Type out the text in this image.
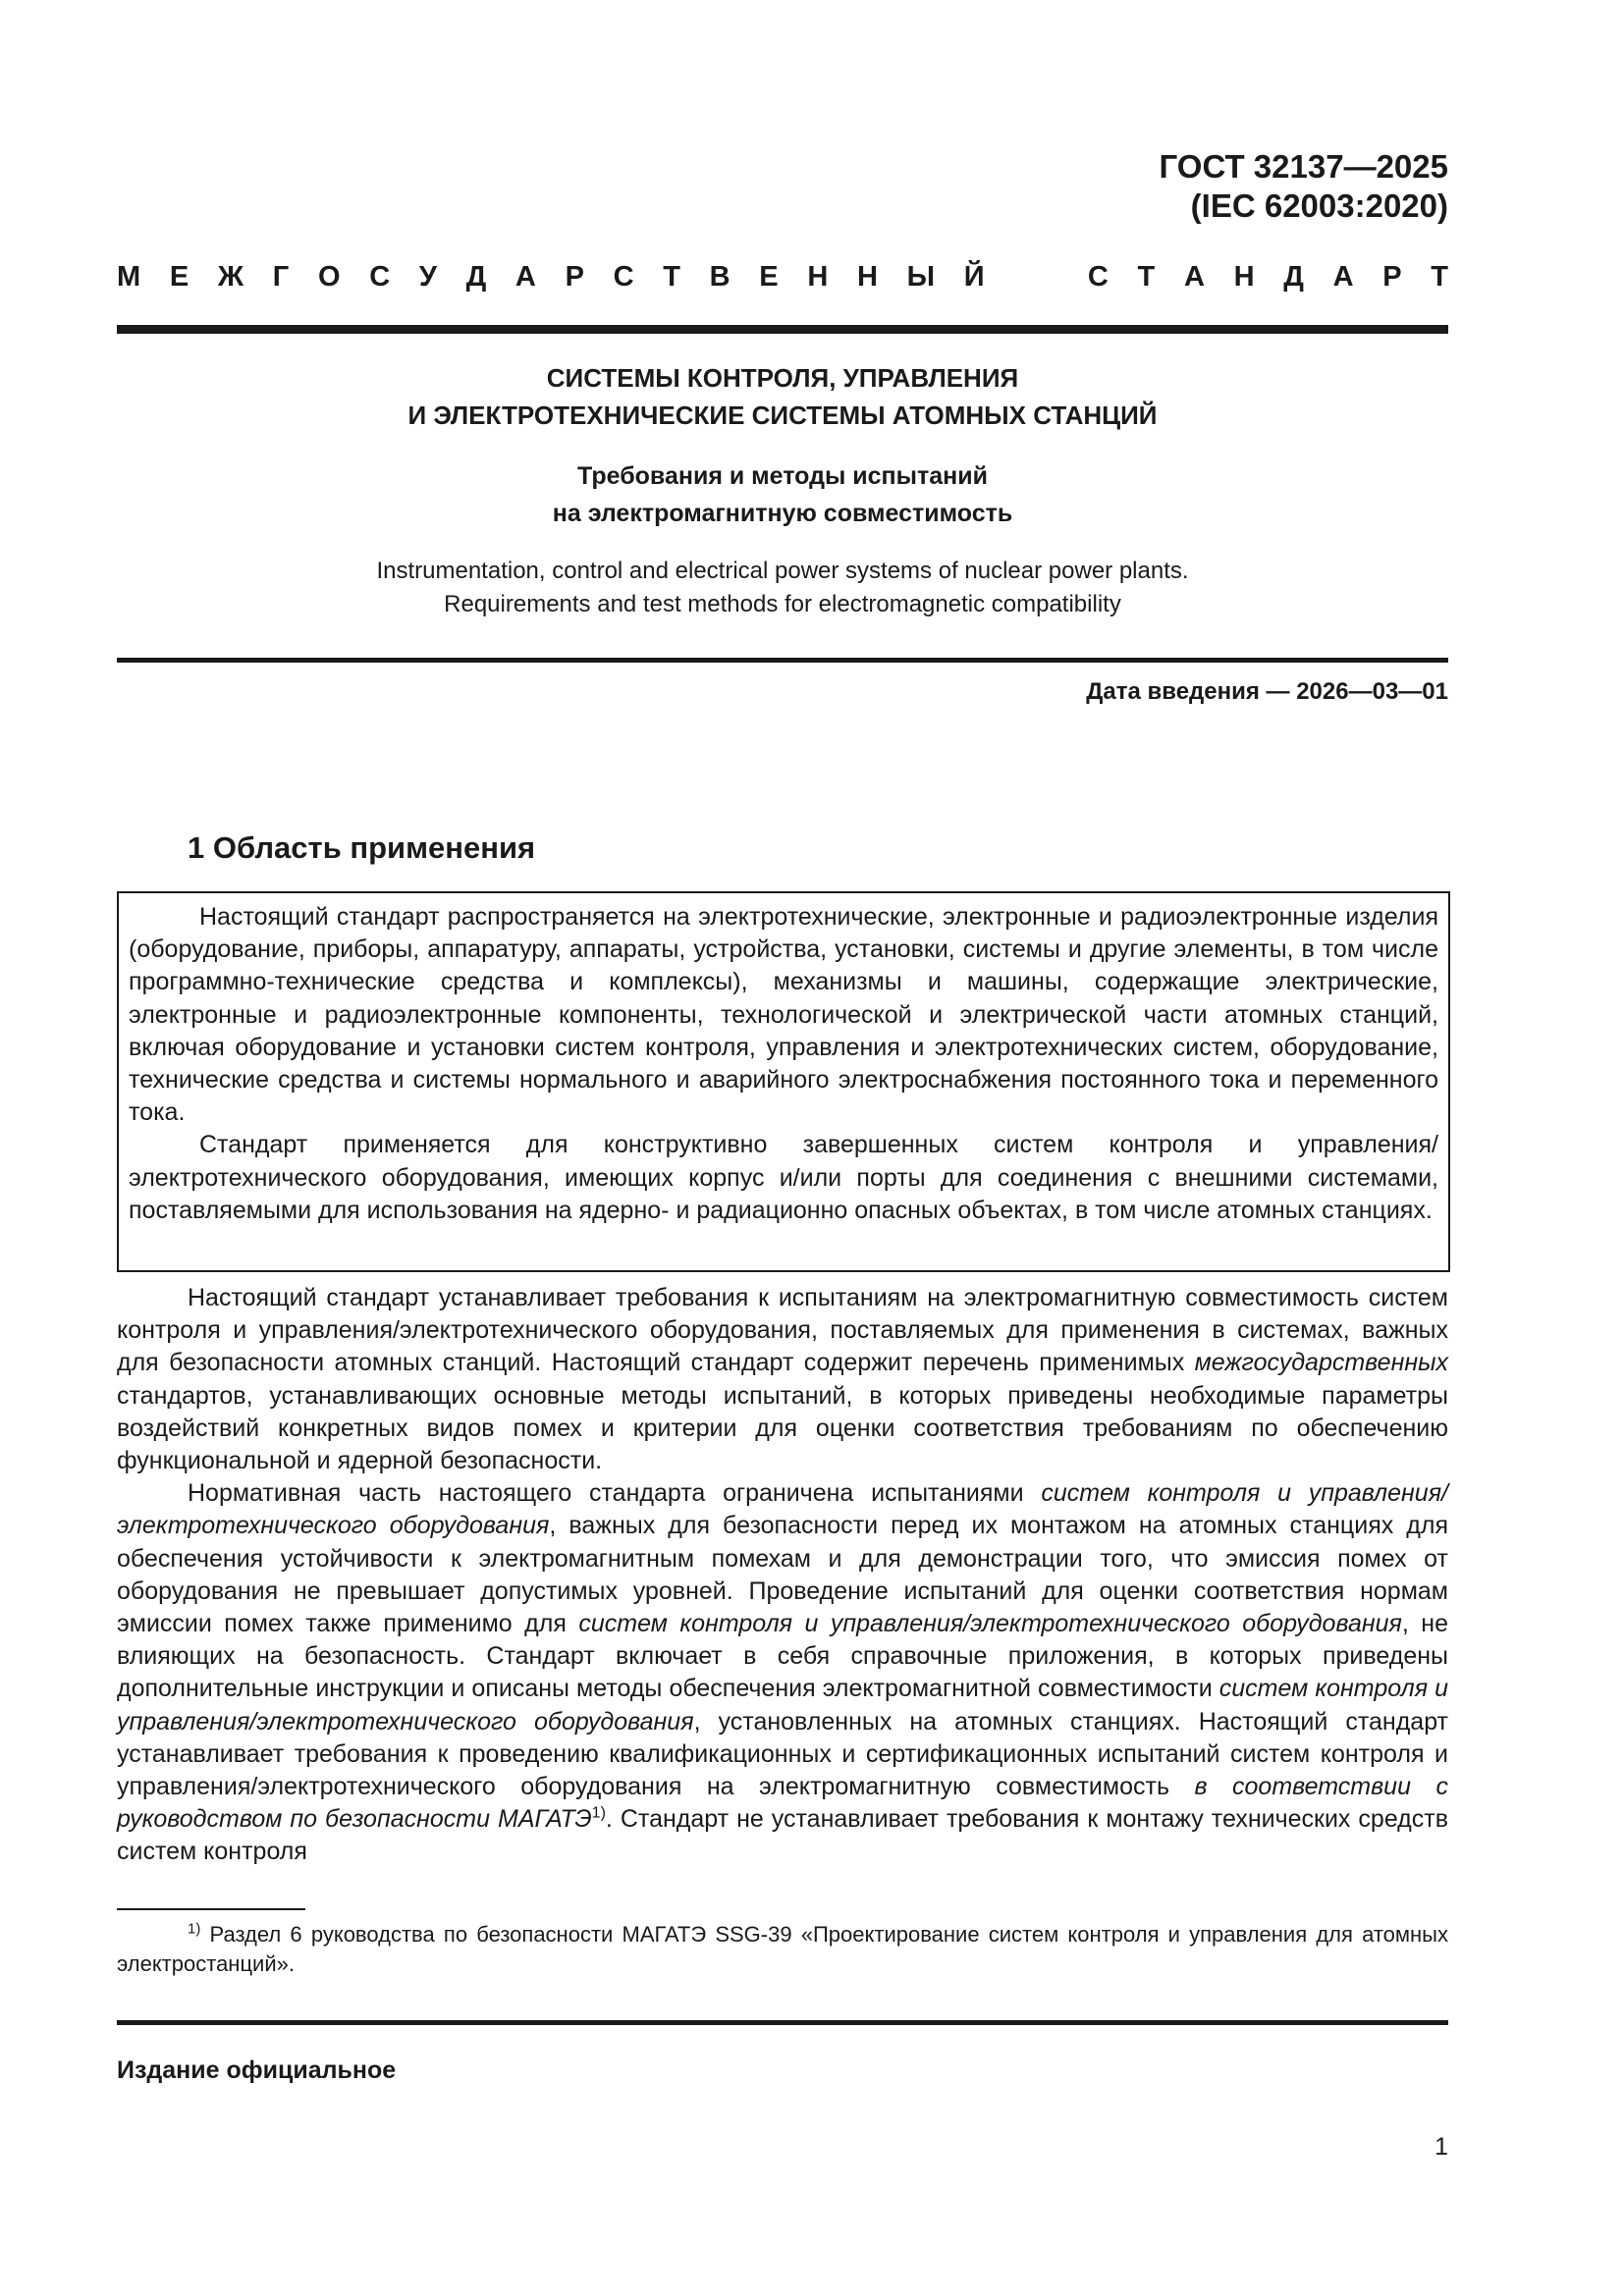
ГОСТ 32137—2025
(IEC 62003:2020)
М Е Ж Г О С У Д А Р С Т В Е Н Н Ы Й	С Т А Н Д А Р Т
СИСТЕМЫ КОНТРОЛЯ, УПРАВЛЕНИЯ
И ЭЛЕКТРОТЕХНИЧЕСКИЕ СИСТЕМЫ АТОМНЫХ СТАНЦИЙ
Требования и методы испытаний
на электромагнитную совместимость
Instrumentation, control and electrical power systems of nuclear power plants.
Requirements and test methods for electromagnetic compatibility
Дата введения — 2026—03—01
1 Область применения

Настоящий стандарт распространяется на электротехнические, электронные и радиоэлектронные изделия (оборудование, приборы, аппаратуру, аппараты, устройства, установки, системы и другие элементы, в том числе программно-технические средства и комплексы), механизмы и машины, содержащие электрические, электронные и радиоэлектронные компоненты, технологической и электрической части атомных станций, включая оборудование и установки систем контроля, управления и электротехнических систем, оборудование, технические средства и системы нормального и аварийного электроснабжения постоянного тока и переменного тока.

Стандарт применяется для конструктивно завершенных систем контроля и управления/электротехнического оборудования, имеющих корпус и/или порты для соединения с внешними системами, поставляемыми для использования на ядерно- и радиационно опасных объектах, в том числе атомных станциях.

Настоящий стандарт устанавливает требования к испытаниям на электромагнитную совместимость систем контроля и управления/электротехнического оборудования, поставляемых для применения в системах, важных для безопасности атомных станций. Настоящий стандарт содержит перечень применимых межгосударственных стандартов, устанавливающих основные методы испытаний, в которых приведены необходимые параметры воздействий конкретных видов помех и критерии для оценки соответствия требованиям по обеспечению функциональной и ядерной безопасности.

Нормативная часть настоящего стандарта ограничена испытаниями систем контроля и управления/электротехнического оборудования, важных для безопасности перед их монтажом на атомных станциях для обеспечения устойчивости к электромагнитным помехам и для демонстрации того, что эмиссия помех от оборудования не превышает допустимых уровней. Проведение испытаний для оценки соответствия нормам эмиссии помех также применимо для систем контроля и управления/электротехнического оборудования, не влияющих на безопасность. Стандарт включает в себя справочные приложения, в которых приведены дополнительные инструкции и описаны методы обеспечения электромагнитной совместимости систем контроля и управления/электротехнического оборудования, установленных на атомных станциях. Настоящий стандарт устанавливает требования к проведению квалификационных и сертификационных испытаний систем контроля и управления/электротехнического оборудования на электромагнитную совместимость в соответствии с руководством по безопасности МАГАТЭ$^{1)}$. Стандарт не устанавливает требования к монтажу технических средств систем контроля

$^{1)}$ Раздел 6 руководства по безопасности МАГАТЭ SSG-39 «Проектирование систем контроля и управления для атомных электростанций».
Издание официальное
1
